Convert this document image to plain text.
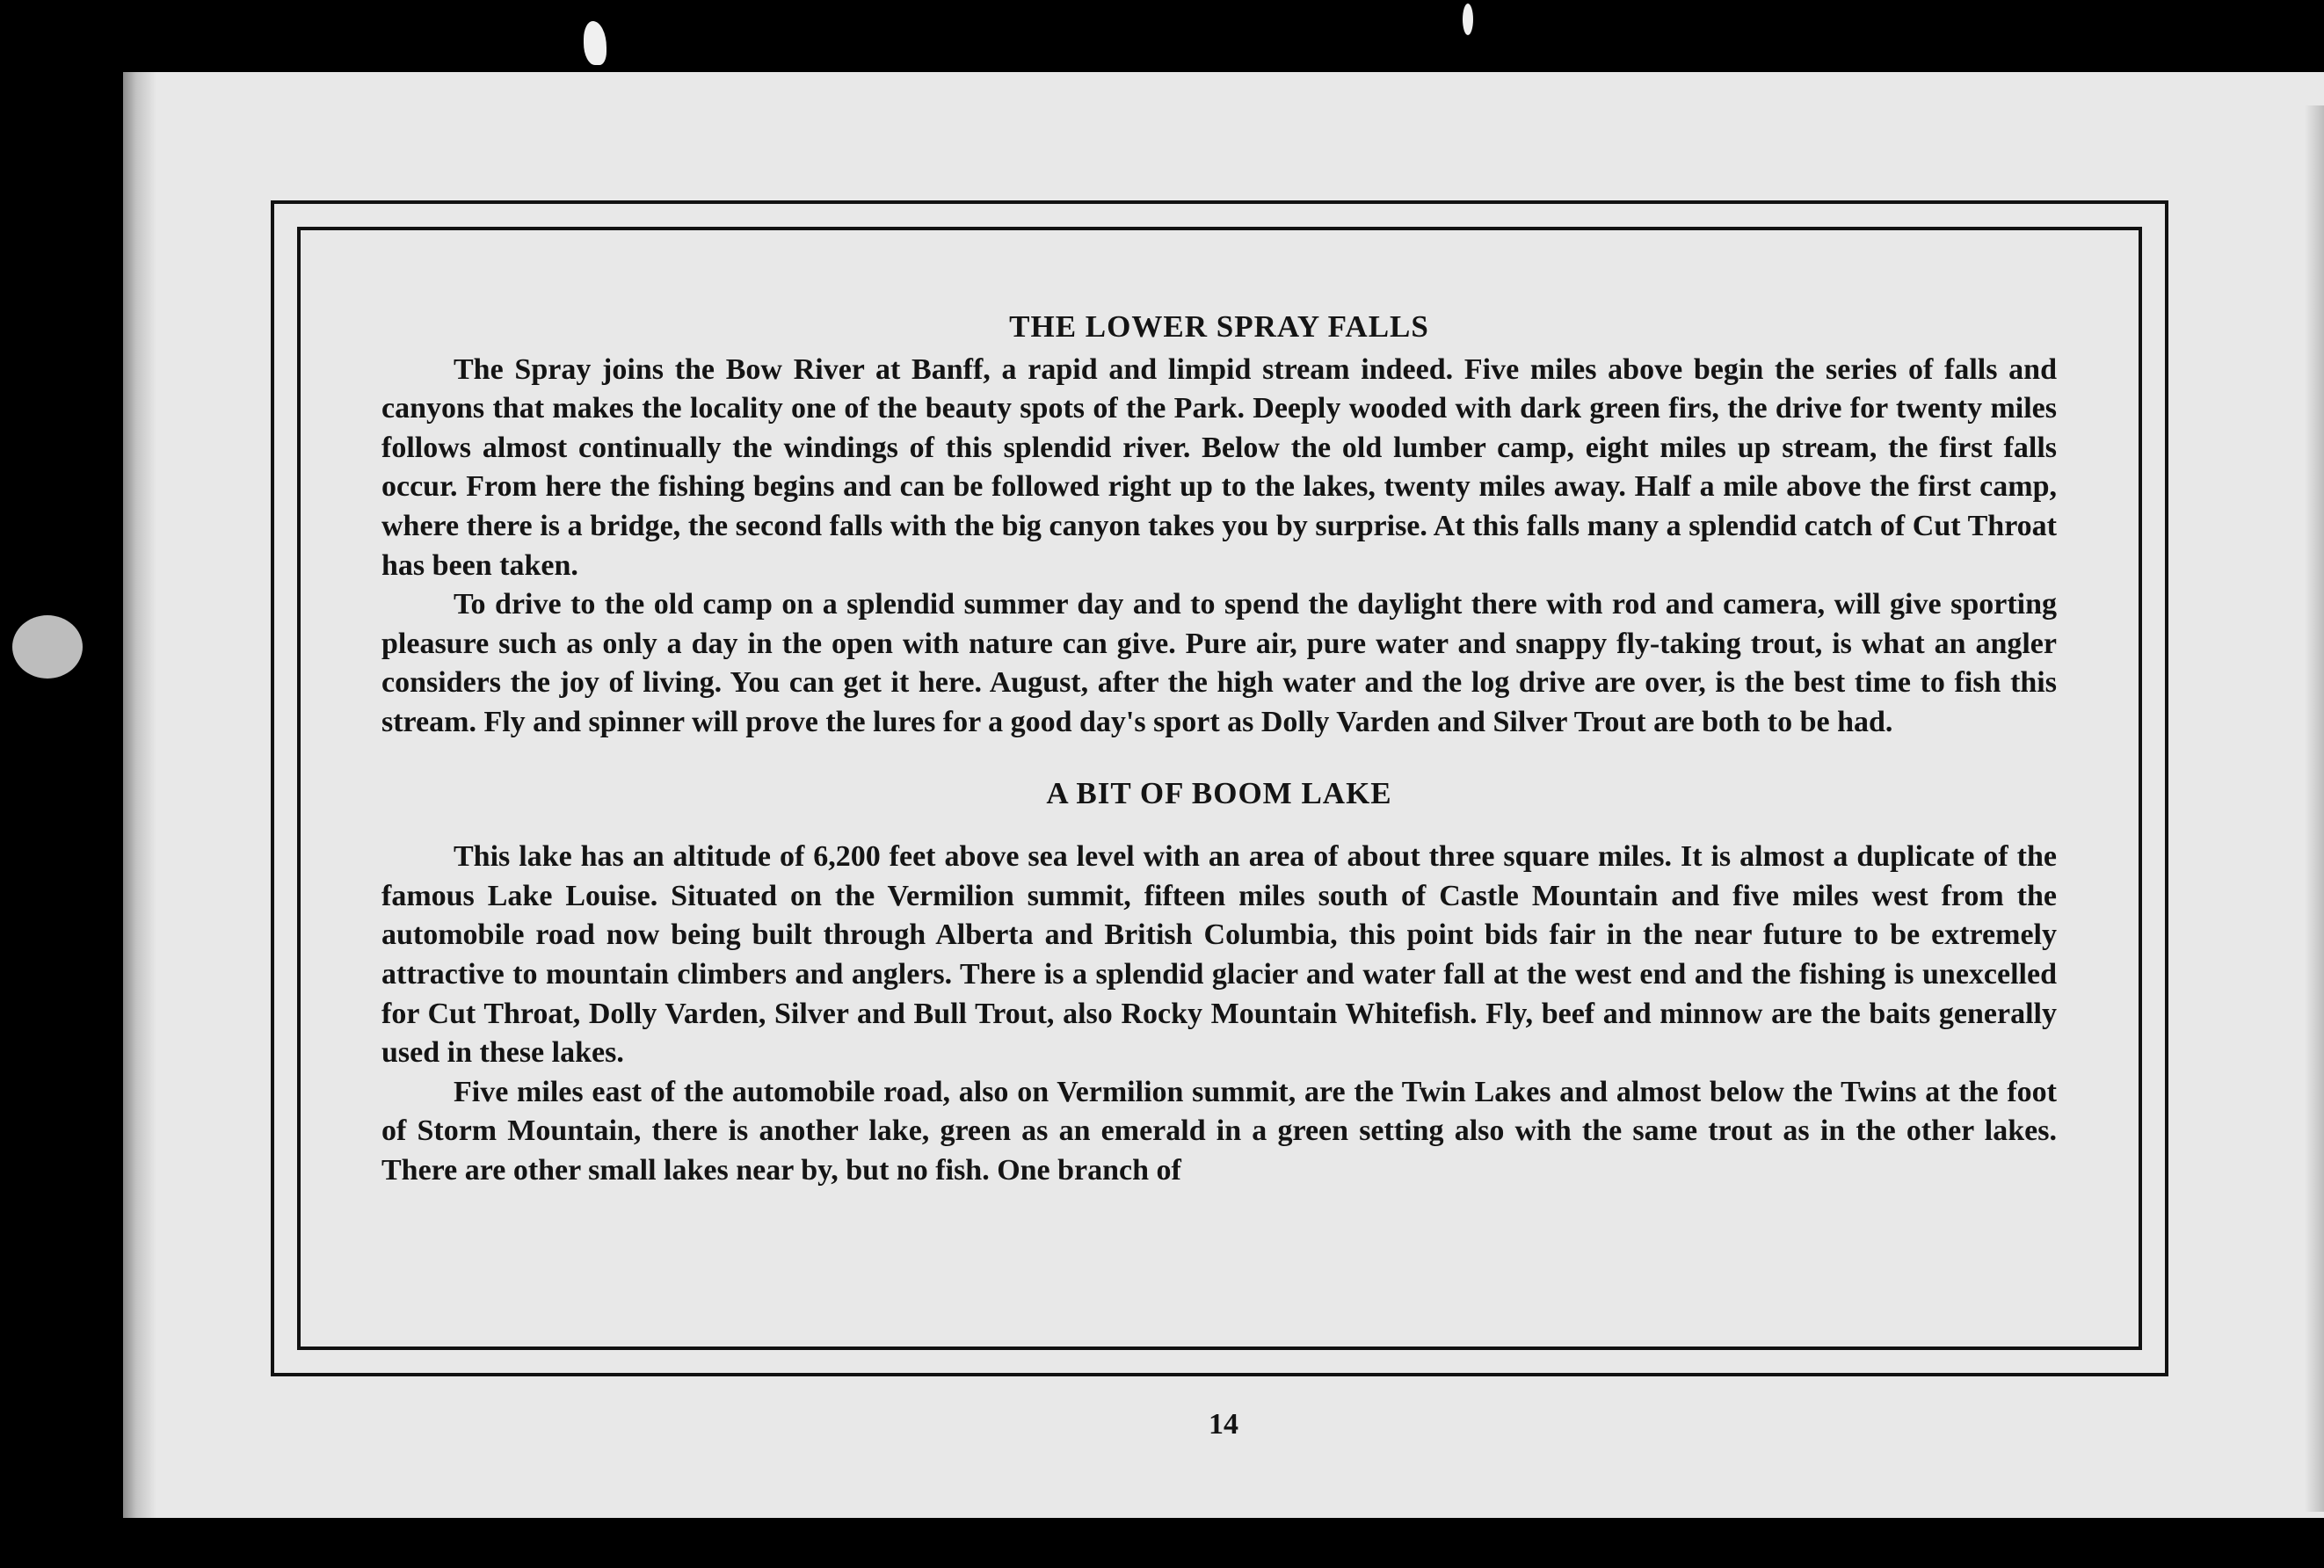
THE LOWER SPRAY FALLS

The Spray joins the Bow River at Banff, a rapid and limpid stream indeed. Five miles above begin the series of falls and canyons that makes the locality one of the beauty spots of the Park. Deeply wooded with dark green firs, the drive for twenty miles follows almost continually the windings of this splendid river. Below the old lumber camp, eight miles up stream, the first falls occur. From here the fishing begins and can be followed right up to the lakes, twenty miles away. Half a mile above the first camp, where there is a bridge, the second falls with the big canyon takes you by surprise. At this falls many a splendid catch of Cut Throat has been taken.

To drive to the old camp on a splendid summer day and to spend the daylight there with rod and camera, will give sporting pleasure such as only a day in the open with nature can give. Pure air, pure water and snappy fly-taking trout, is what an angler considers the joy of living. You can get it here. August, after the high water and the log drive are over, is the best time to fish this stream. Fly and spinner will prove the lures for a good day's sport as Dolly Varden and Silver Trout are both to be had.

A BIT OF BOOM LAKE

This lake has an altitude of 6,200 feet above sea level with an area of about three square miles. It is almost a duplicate of the famous Lake Louise. Situated on the Vermilion summit, fifteen miles south of Castle Mountain and five miles west from the automobile road now being built through Alberta and British Columbia, this point bids fair in the near future to be extremely attractive to mountain climbers and anglers. There is a splendid glacier and water fall at the west end and the fishing is unexcelled for Cut Throat, Dolly Varden, Silver and Bull Trout, also Rocky Mountain Whitefish. Fly, beef and minnow are the baits generally used in these lakes.

Five miles east of the automobile road, also on Vermilion summit, are the Twin Lakes and almost below the Twins at the foot of Storm Mountain, there is another lake, green as an emerald in a green setting also with the same trout as in the other lakes. There are other small lakes near by, but no fish. One branch of

14
